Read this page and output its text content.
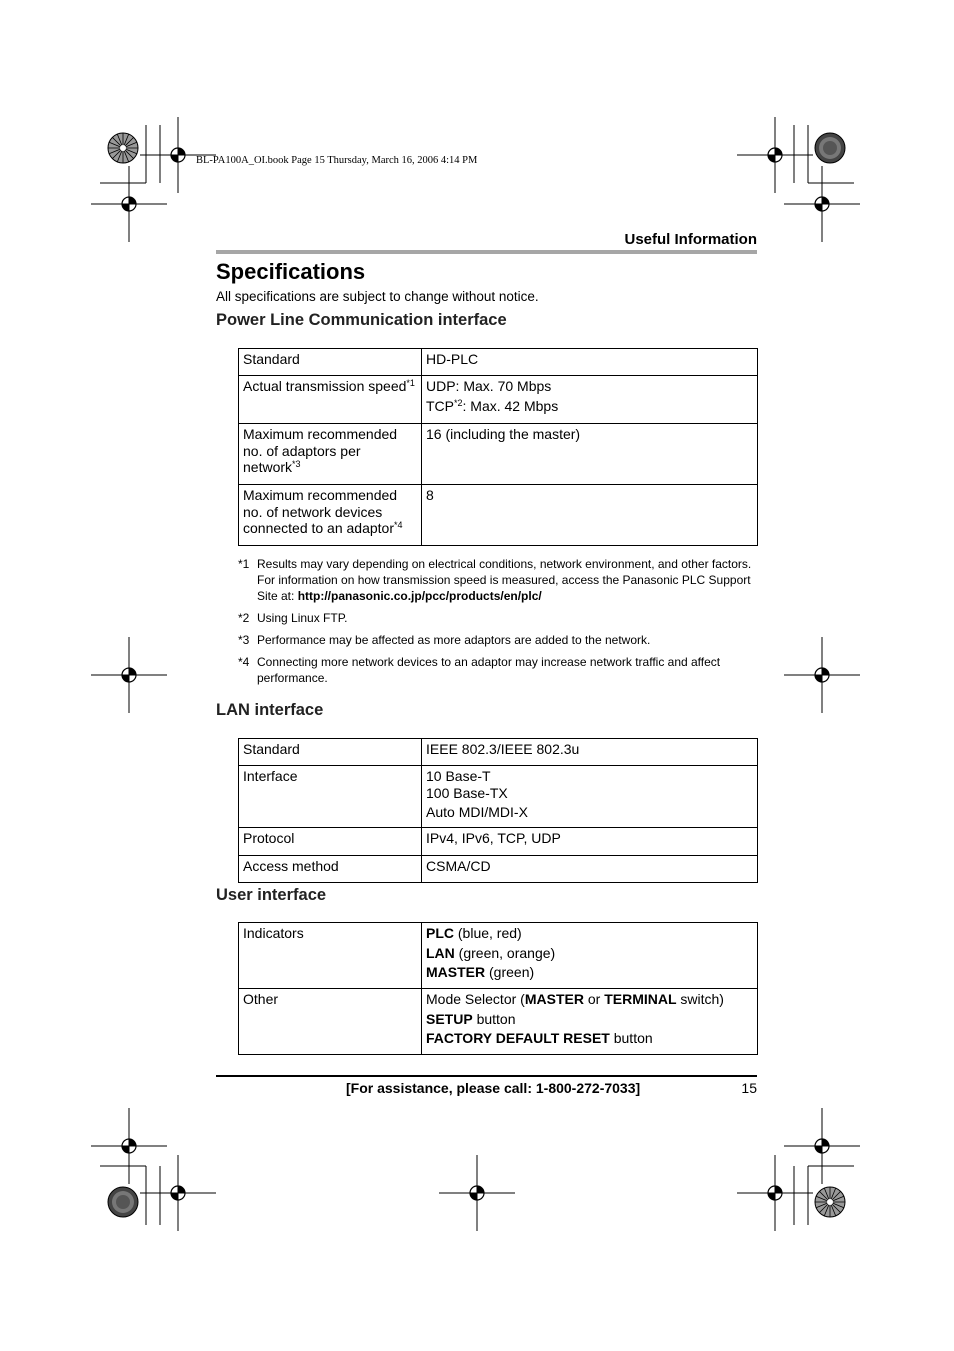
BL-PA100A_OI.book Page 15 Thursday, March 16, 2006 4:14 PM
Useful Information
Specifications
All specifications are subject to change without notice.
Power Line Communication interface
Standard	HD-PLC
Actual transmission speed$^{*1}$	UDP: Max. 70 Mbps
TCP$^{*2}$: Max. 42 Mbps

Maximum recommended no. of adaptors per network$^{*3}$	16 (including the master)
Maximum recommended no. of network devices connected to an adaptor$^{*4}$	8
*1 Results may vary depending on electrical conditions, network environment, and other factors. For information on how transmission speed is measured, access the Panasonic PLC Support Site at: http://panasonic.co.jp/pcc/products/en/plc/
*2 Using Linux FTP.
*3 Performance may be affected as more adaptors are added to the network.
*4 Connecting more network devices to an adaptor may increase network traffic and affect performance.
LAN interface
Standard	IEEE 802.3/IEEE 802.3u
Interface	10 Base-T
100 Base-TX
Auto MDI/MDI-X

Protocol	IPv4, IPv6, TCP, UDP
Access method	CSMA/CD
User interface
Indicators	PLC (blue, red)
LAN (green, orange)
MASTER (green)

Other	Mode Selector (MASTER or TERMINAL switch)
SETUP button
FACTORY DEFAULT RESET button
[For assistance, please call: 1-800-272-7033]	15
